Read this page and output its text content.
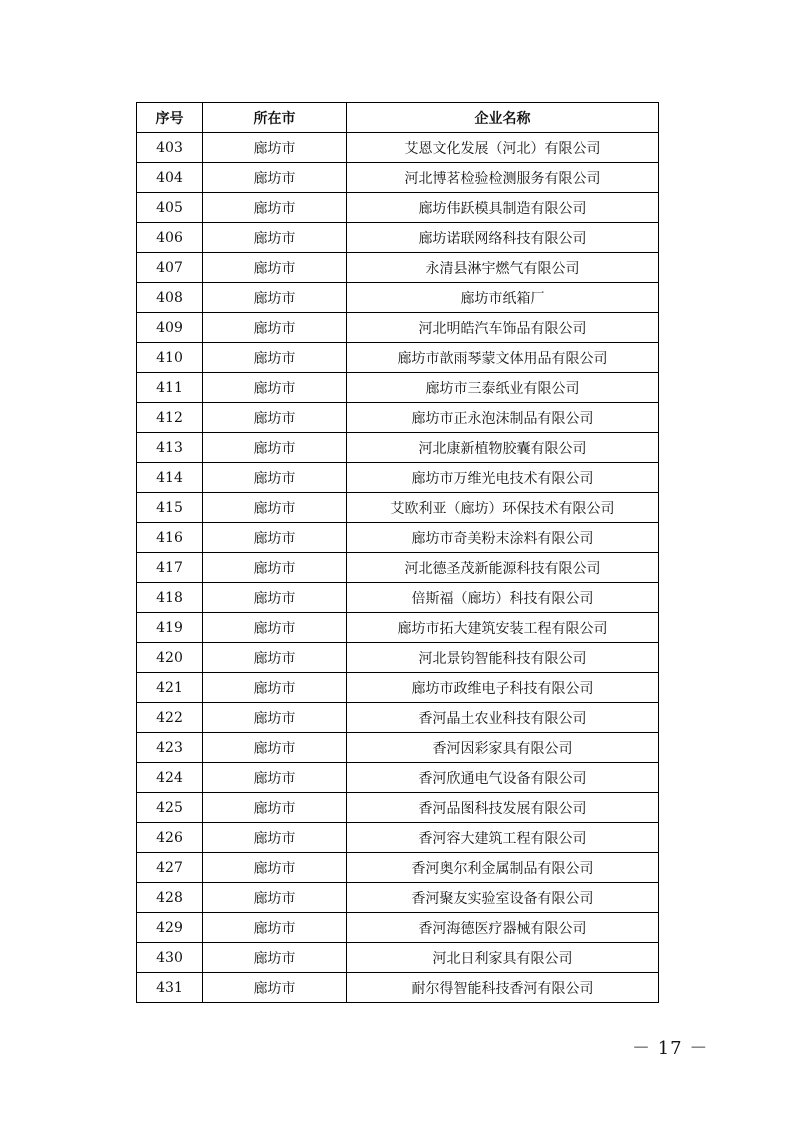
序号	所在市	企业名称
403	廊坊市	艾恩文化发展（河北）有限公司
404	廊坊市	河北博茗检验检测服务有限公司
405	廊坊市	廊坊伟跃模具制造有限公司
406	廊坊市	廊坊诺联网络科技有限公司
407	廊坊市	永清县淋宇燃气有限公司
408	廊坊市	廊坊市纸箱厂
409	廊坊市	河北明皓汽车饰品有限公司
410	廊坊市	廊坊市歆雨琴蒙文体用品有限公司
411	廊坊市	廊坊市三泰纸业有限公司
412	廊坊市	廊坊市正永泡沫制品有限公司
413	廊坊市	河北康新植物胶囊有限公司
414	廊坊市	廊坊市万维光电技术有限公司
415	廊坊市	艾欧利亚（廊坊）环保技术有限公司
416	廊坊市	廊坊市奇美粉末涂料有限公司
417	廊坊市	河北德圣茂新能源科技有限公司
418	廊坊市	倍斯福（廊坊）科技有限公司
419	廊坊市	廊坊市拓大建筑安装工程有限公司
420	廊坊市	河北景钧智能科技有限公司
421	廊坊市	廊坊市政维电子科技有限公司
422	廊坊市	香河晶土农业科技有限公司
423	廊坊市	香河因彩家具有限公司
424	廊坊市	香河欣通电气设备有限公司
425	廊坊市	香河品图科技发展有限公司
426	廊坊市	香河容大建筑工程有限公司
427	廊坊市	香河奥尔利金属制品有限公司
428	廊坊市	香河聚友实验室设备有限公司
429	廊坊市	香河海德医疗器械有限公司
430	廊坊市	河北日利家具有限公司
431	廊坊市	耐尔得智能科技香河有限公司
－ 17 －
